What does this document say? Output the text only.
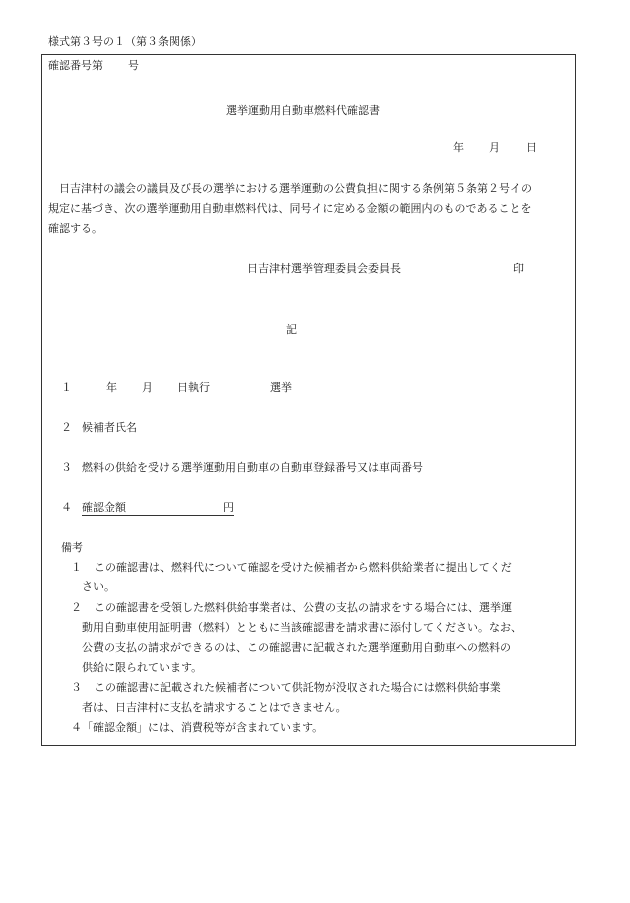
様式第３号の１（第３条関係）
確認番号第 号
選挙運動用自動車燃料代確認書
年 月 日
日吉津村の議会の議員及び長の選挙における選挙運動の公費負担に関する条例第５条第２号イの
規定に基づき、次の選挙運動用自動車燃料代は、同号イに定める金額の範囲内のものであることを
確認する。
日吉津村選挙管理委員会委員長	印
記
１	年 月 日執行	選挙
２ 候補者氏名
３ 燃料の供給を受ける選挙運動用自動車の自動車登録番号又は車両番号
４ 確認金額	円
備考
１ この確認書は、燃料代について確認を受けた候補者から燃料供給業者に提出してくだ
さい。
２ この確認書を受領した燃料供給事業者は、公費の支払の請求をする場合には、選挙運
動用自動車使用証明書（燃料）とともに当該確認書を請求書に添付してください。なお、
公費の支払の請求ができるのは、この確認書に記載された選挙運動用自動車への燃料の
供給に限られています。
３ この確認書に記載された候補者について供託物が没収された場合には燃料供給事業
者は、日吉津村に支払を請求することはできません。
４ 「確認金額」には、消費税等が含まれています。
